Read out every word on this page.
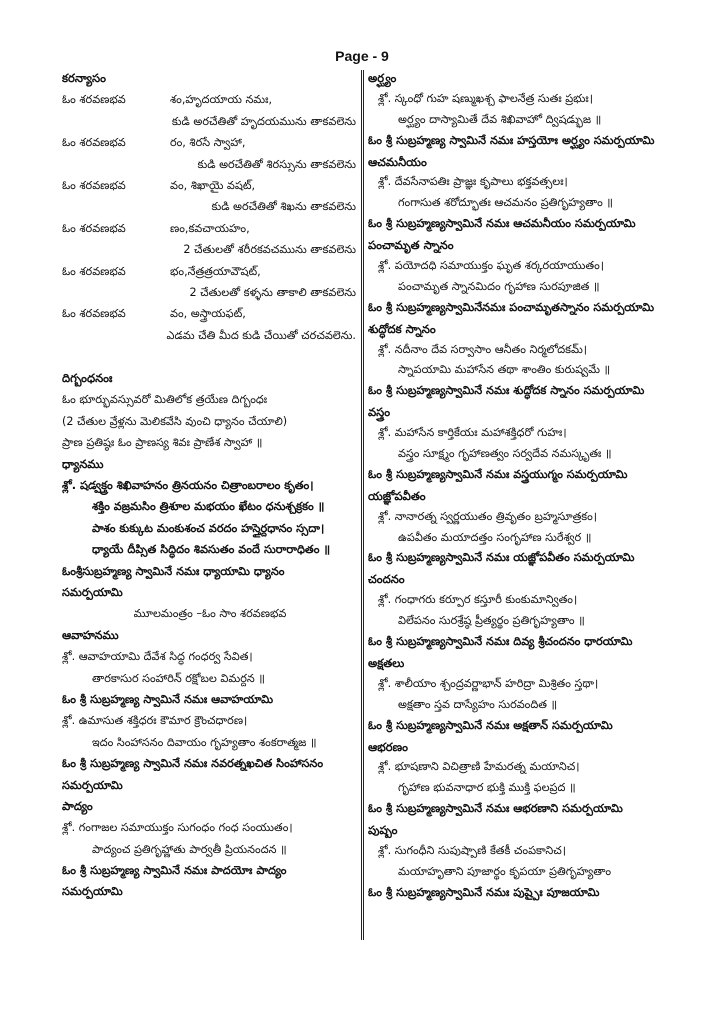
Page - 9
కరన్యాసం
ఓం శరవణభవ	శం,హృదయాయ నమః,
కుడి అరచేతితో హృదయమును తాకవలెను
ఓం శరవణభవ	రం, శిరసే స్వాహా,
కుడి అరచేతితో శిరస్సును తాకవలెను
ఓం శరవణభవ	వం, శిఖాయై వషట్,
కుడి అరచేతితో శిఖను తాకవలెను
ఓం శరవణభవ	ణం,కవచాయహం,
2 చేతులతో శరీరకవచమును తాకవలెను
ఓం శరవణభవ	భం,నేత్రత్రయావౌషట్,
2 చేతులతో కళ్ళను తాకాలి తాకవలెను
ఓం శరవణభవ	వం, అస్త్రాయఫట్,
ఎడమ చేతి మీద కుడి చేయితో చరచవలెను.
దిగ్బంధనంః
ఓం భూర్భువస్సువరో మితిలోక త్రయేణ దిగ్బంధః
(2 చేతుల వ్రేళ్లను మెలికవేసి వుంచి ధ్యానం చేయాలి)
ప్రాణ ప్రతిష్ఠః ఓం ప్రాణస్య శివః ప్రాణేశ స్వాహా ॥
ధ్యానము
శ్లో. షడ్వక్త్రం శిఖివాహనం త్రినయనం చిత్రాంబరాలం కృతం।
శక్తిం వజ్రమసిం త్రిశూల మభయం ఖేటం ధనుశ్చక్రకం ॥
పాశం కుక్కుట మంకుశంచ వరదం హస్తైర్దధానం స్సదా।
ధ్యాయే దీప్సిత సిద్ధిదం శివసుతం వందే సురారాధితం ॥
ఓంశ్రీసుబ్రహ్మణ్య స్వామినే నమః ధ్యాయామి ధ్యానం
సమర్పయామి
మూలమంత్రం –ఓం సాం శరవణభవ
ఆవాహనము
శ్లో. ఆవాహయామి దేవేశ సిద్ధ గంధర్వ సేవిత।
తారకాసుర సంహారిన్ రక్షోబల విమర్దన ॥
ఓం శ్రీ సుబ్రహ్మణ్య స్వామినే నమః ఆవాహయామి
శ్లో. ఉమాసుత శక్తిధరః కౌమార క్రౌంచధారణ।
ఇదం సింహాసనం దివాయం గృహ్యతాం శంకరాత్మజ ॥
ఓం శ్రీ సుబ్రహ్మణ్య స్వామినే నమః నవరత్నఖచిత సింహాసనం
సమర్పయామి
పాద్యం
శ్లో. గంగాజల సమాయుక్తం సుగంధం గంధ సంయుతం।
పాద్యంచ ప్రతిగృహ్ణాతు పార్వతీ ప్రియనందన ॥
ఓం శ్రీ సుబ్రహ్మణ్య స్వామినే నమః పాదయోః పాద్యం
సమర్పయామి
అర్ఘ్యం
శ్లో. స్కంధో గుహ షణ్ముఖశ్చ ఫాలనేత్ర సుతః ప్రభుః।
అర్ఘ్యం దాస్యామితే దేవ శిఖివాహో ద్విషడ్భుజ ॥
ఓం శ్రీ సుబ్రహ్మణ్య స్వామినే నమః హస్తయోః అర్ఘ్యం సమర్పయామి
ఆచమనీయం
శ్లో. దేవసేనాపతిః ప్రాజ్ఞః కృపాలు భక్తవత్సలః।
గంగాసుత శరోద్భూతః ఆచమనం ప్రతిగృహ్యతాం ॥
ఓం శ్రీ సుబ్రహ్మణ్యస్వామినే నమః ఆచమనీయం సమర్పయామి
పంచామృత స్నానం
శ్లో. పయోదధి సమాయుక్తం ఘృత శర్కరయాయుతం।
పంచామృత స్నానమిదం గృహాణ సురపూజిత ॥
ఓం శ్రీ సుబ్రహ్మణ్యస్వామినేనమః పంచామృతస్నానం సమర్పయామి
శుద్ధోదక స్నానం
శ్లో. నదీనాం దేవ సర్వాసాం ఆనీతం నిర్మలోదకమ్।
స్నాపయామి మహాసేన తథా శాంతిం కురుష్వమే ॥
ఓం శ్రీ సుబ్రహ్మణ్యస్వామినే నమః శుద్ధోదక స్నానం సమర్పయామి
వస్త్రం
శ్లో. మహాసేన కార్తికేయః మహాశక్తిధరో గుహః।
వస్త్రం సూక్ష్మం గృహాణత్వం సర్వదేవ నమస్కృతః ॥
ఓం శ్రీ సుబ్రహ్మణ్యస్వామినే నమః వస్త్రయుగ్మం సమర్పయామి
యజ్ఞోపవీతం
శ్లో. నానారత్న స్వర్ణయుతం త్రివృతం బ్రహ్మసూత్రకం।
ఉపవీతం మయాదత్తం సంగృహాణ సురేశ్వర ॥
ఓం శ్రీ సుబ్రహ్మణ్యస్వామినే నమః యజ్ఞోపవీతం సమర్పయామి
చందనం
శ్లో. గంధాగరు కర్పూర కస్తూరీ కుంకుమాన్వితం।
విలేపనం సురశ్రేష్ఠ ప్రీత్యర్థం ప్రతిగృహ్యతాం ॥
ఓం శ్రీ సుబ్రహ్మణ్యస్వామినే నమః దివ్య శ్రీచందనం ధారయామి
అక్షతలు
శ్లో. శాలీయాం శ్చంద్రవర్ణాభాన్ హరిద్రా మిశ్రితం స్తథా।
అక్షతాం స్తవ దాస్యేహం సురవందిత ॥
ఓం శ్రీ సుబ్రహ్మణ్యస్వామినే నమః అక్షతాన్ సమర్పయామి
ఆభరణం
శ్లో. భూషణాని విచిత్రాణి హేమరత్న మయానిచ।
గృహాణ భువనాధార భుక్తి ముక్తి ఫలప్రద ॥
ఓం శ్రీ సుబ్రహ్మణ్యస్వామినే నమః ఆభరణాని సమర్పయామి
పుష్పం
శ్లో. సుగంధీని సుపుష్పాణి కేతకీ చంపకానిచ।
మయాహృతాని పూజార్థం కృపయా ప్రతిగృహ్యతాం
ఓం శ్రీ సుబ్రహ్మణ్యస్వామినే నమః పుష్పైః పూజయామి
